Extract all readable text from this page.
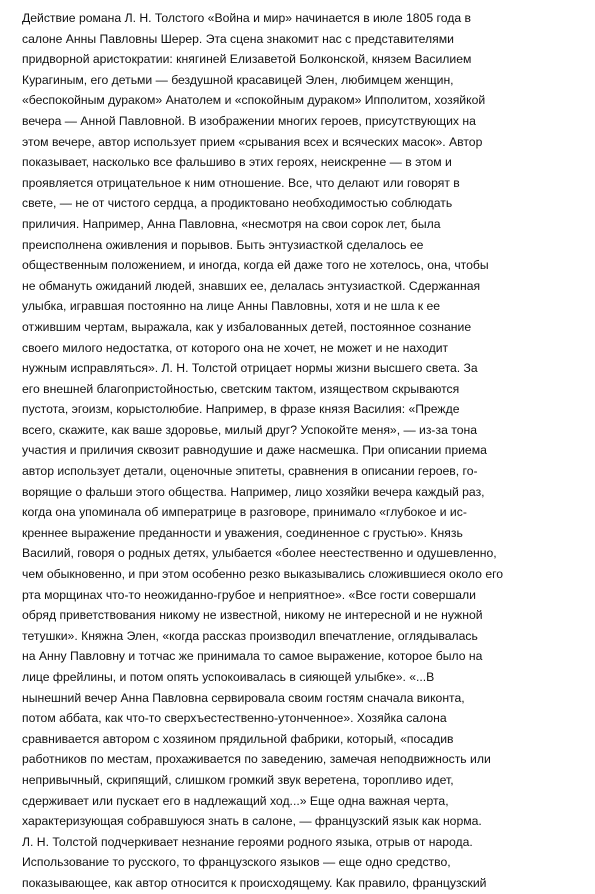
Действие романа Л. Н. Толстого «Война и мир» начинается в июле 1805 года в
салоне Анны Павловны Шерер. Эта сцена знакомит нас с представителями
придворной аристократии: княгиней Елизаветой Болконской, князем Василием
Курагиным, его детьми — бездушной красавицей Элен, любимцем женщин,
«беспокойным дураком» Анатолем и «спокойным дураком» Ипполитом, хозяйкой
вечера — Анной Павловной. В изображении многих героев, присутствующих на
этом вечере, автор использует прием «срывания всех и всяческих масок». Автор
показывает, насколько все фальшиво в этих героях, неискренне — в этом и
проявляется отрицательное к ним отношение. Все, что делают или говорят в
свете, — не от чистого сердца, а продиктовано необходимостью соблюдать
приличия. Например, Анна Павловна, «несмотря на свои сорок лет, была
преисполнена оживления и порывов. Быть энтузиасткой сделалось ее
общественным положением, и иногда, когда ей даже того не хотелось, она, чтобы
не обмануть ожиданий людей, знавших ее, делалась энтузиасткой. Сдержанная
улыбка, игравшая постоянно на лице Анны Павловны, хотя и не шла к ее
отжившим чертам, выражала, как у избалованных детей, постоянное сознание
своего милого недостатка, от которого она не хочет, не может и не находит
нужным исправляться». Л. Н. Толстой отрицает нормы жизни высшего света. За
его внешней благопристойностью, светским тактом, изяществом скрываются
пустота, эгоизм, корыстолюбие. Например, в фразе князя Василия: «Прежде
всего, скажите, как ваше здоровье, милый друг? Успокойте меня», — из-за тона
участия и приличия сквозит равнодушие и даже насмешка. При описании приема
автор использует детали, оценочные эпитеты, сравнения в описании героев, го-
ворящие о фальши этого общества. Например, лицо хозяйки вечера каждый раз,
когда она упоминала об императрице в разговоре, принимало «глубокое и ис-
креннее выражение преданности и уважения, соединенное с грустью». Князь
Василий, говоря о родных детях, улыбается «более неестественно и одушевленно,
чем обыкновенно, и при этом особенно резко выказывались сложившиеся около его
рта морщинах что-то неожиданно-грубое и неприятное». «Все гости совершали
обряд приветствования никому не известной, никому не интересной и не нужной
тетушки». Княжна Элен, «когда рассказ производил впечатление, оглядывалась
на Анну Павловну и тотчас же принимала то самое выражение, которое было на
лице фрейлины, и потом опять успокоивалась в сияющей улыбке». «...В
нынешний вечер Анна Павловна сервировала своим гостям сначала виконта,
потом аббата, как что-то сверхъестественно-утонченное». Хозяйка салона
сравнивается автором с хозяином прядильной фабрики, который, «посадив
работников по местам, прохаживается по заведению, замечая неподвижность или
непривычный, скрипящий, слишком громкий звук веретена, торопливо идет,
сдерживает или пускает его в надлежащий ход...» Еще одна важная черта,
характеризующая собравшуюся знать в салоне, — французский язык как норма.
Л. Н. Толстой подчеркивает незнание героями родного языка, отрыв от народа.
Использование то русского, то французского языков — еще одно средство,
показывающее, как автор относится к происходящему. Как правило, французский
